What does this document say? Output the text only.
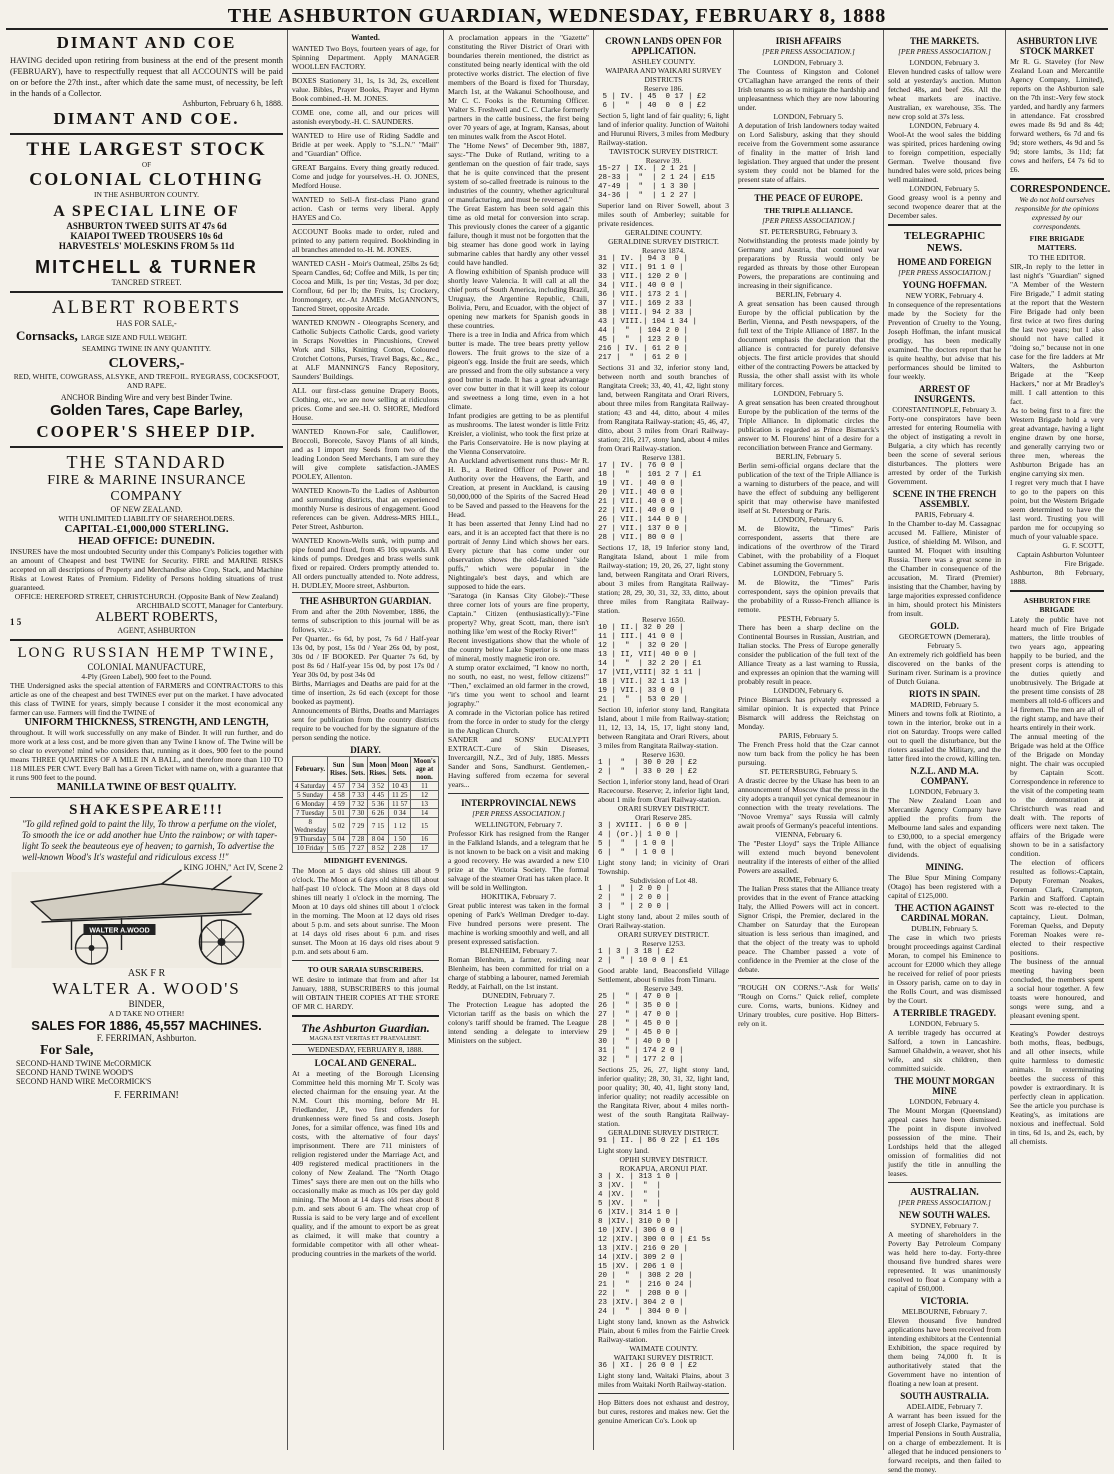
THE ASHBURTON GUARDIAN, WEDNESDAY, FEBRUARY 8, 1888
DIMANT AND COE
HAVING decided upon retiring from business at the end of the present month (FEBRUARY), have to respectfully request that all ACCOUNTS will be paid on or before the 27th inst., after which date the same must, of necessity, be left in the hands of a Collector.
Ashburton, February 6 h, 1888.
DIMANT AND COE.
THE LARGEST STOCK
OF
COLONIAL CLOTHING
IN THE ASHBURTON COUNTY.
A SPECIAL LINE OF
ASHBURTON TWEED SUITS AT 47s 6d
KAIAPOI TWEED TROUSERS 10s 6d
HARVESTELS' MOLESKINS FROM 5s 11d
MITCHELL & TURNER
TANCRED STREET.
ALBERT ROBERTS
HAS FOR SALE,-
Cornsacks, LARGE SIZE AND FULL WEIGHT.
SEAMING TWINE IN ANY QUANTITY.
CLOVERS,-
RED, WHITE, COWGRASS, ALSYKE, AND TREFOIL. RYEGRASS, COCKSFOOT, AND RAPE.
ANCHOR Binding Wire and very best Binder Twine.
Golden Tares, Cape Barley,
COOPER'S SHEEP DIP.
THE STANDARD
FIRE & MARINE INSURANCE COMPANY
OF NEW ZEALAND.
WITH UNLIMITED LIABILITY OF SHAREHOLDERS.
CAPITAL-£1,000,000 STERLING.
HEAD OFFICE: DUNEDIN.
INSURES have the most undoubted Security under this Company's Policies together with an amount of Cheapest and best TWINE for Security. FIRE and MARINE RISKS accepted on all descriptions of Property and Merchandise also Crop, Stack, and Machine Risks at Lowest Rates of Premium. Fidelity of Persons holding situations of trust guaranteed.
OFFICE: HEREFORD STREET, CHRISTCHURCH. (Opposite Bank of New Zealand)
ARCHIBALD SCOTT, Manager for Canterbury.
1 5	ALBERT ROBERTS,
AGENT, ASHBURTON
LONG RUSSIAN HEMP TWINE,
COLONIAL MANUFACTURE,
4-Ply (Green Label), 900 feet to the Pound.
THE Undersigned asks the special attention of FARMERS and CONTRACTORS to this article as one of the cheapest and best TWINES ever put on the market. I have advocated this class of TWINE for years, simply because I consider it the most economical any farmer can use. Farmers will find the TWINE of
UNIFORM THICKNESS, STRENGTH, AND LENGTH,
throughout. It will work successfully on any make of Binder. It will run further, and do more work at a less cost, and be more given than any Twine I know of. The Twine will be so clear to everyone! mind who considers that, running as it does, 900 feet to the pound means THREE QUARTERS OF A MILE IN A BALL, and therefore more than 110 TO 118 MILES PER CWT. Every Ball has a Green Ticket with name on, with a guarantee that it runs 900 feet to the pound.
MANILLA TWINE OF BEST QUALITY.
SHAKESPEARE!!!
"To gild refined gold to paint the lily, To throw a perfume on the violet, To smooth the ice or add another hue Unto the rainbow; or with taper-light To seek the beauteous eye of heaven; to garnish, To advertise the well-known Wood's It's wasteful and ridiculous excess !!"
KING JOHN," Act IV, Scene 2
WALTER A.WOOD
ASK F R
WALTER A. WOOD'S
BINDER,
A D TAKE NO OTHER!
SALES FOR 1886, 45,557 MACHINES.
F. FERRIMAN, Ashburton.
For Sale,
SECOND-HAND TWINE McCORMICK
SECOND HAND TWINE WOOD'S
SECOND HAND WIRE McCORMICK'S
F. FERRIMAN!
Wanted.
WANTED Two Boys, fourteen years of age, for Spinning Department. Apply MANAGER WOOLLEN FACTORY.
BOXES Stationery 31, 1s, 1s 3d, 2s, excellent value. Bibles, Prayer Books, Prayer and Hymn Book combined.-H. M. JONES.
COME one, come all, and our prices will astonish everybody.-H. C. SAUNDERS.
WANTED to Hire use of Riding Saddle and Bridle at per week. Apply to "S.L.N." "Mail" and "Guardian" Office.
GREAT Bargains. Every thing greatly reduced. Come and judge for yourselves.-H. O. JONES, Medford House.
WANTED to Sell-A first-class Piano grand action. Cash or terms very liberal. Apply HAYES and Co.
ACCOUNT Books made to order, ruled and printed to any pattern required. Bookbinding in all branches attended to.-H. M. JONES.
WANTED CASH - Moir's Oatmeal, 25lbs 2s 6d; Spearn Candles, 6d; Coffee and Milk, 1s per tin; Cocoa and Milk, 1s per tin; Vestas, 3d per doz; Cornflour, 6d per lb; the Fruits, 1s; Crockery, Ironmongery, etc.-At JAMES McGANNON'S, Tancred Street, opposite Arcade.
WANTED KNOWN - Oleographs Scenery, and Catholic Subjects Catholic Cards, good variety in Scraps Novelties in Pincushions, Crewel Work and Silks, Knitting Cotton, Coloured Crotchet Cottons, Purses, Travel Bags, &c., &c., at ALF MANNING'S Fancy Repository, Saunders' Buildings.
ALL our first-class genuine Drapery Boots, Clothing, etc., we are now selling at ridiculous prices. Come and see.-H. O. SHORE, Medford House.
WANTED Known-For sale, Cauliflower, Broccoli, Borecole, Savoy Plants of all kinds, and as I import my Seeds from two of the leading London Seed Merchants, I am sure they will give complete satisfaction.-JAMES POOLEY, Allenton.
WANTED Known-To the Ladies of Ashburton and surrounding districts, that an experienced monthly Nurse is desirous of engagement. Good references can be given. Address-MRS HILL, Peter Street, Ashburton.
WANTED Known-Wells sunk, with pump and pipe found and fixed, from 45 10s upwards. All kinds of pumps. Dredges and brass wells sunk fixed or repaired. Orders promptly attended to. All orders punctually attended to. Note address, H. DUDLEY, Moore street, Ashburton.
THE ASHBURTON GUARDIAN.
From and after the 20th November, 1886, the terms of subscription to this journal will be as follows, viz.:-
Per Quarter.. 6s 6d, by post, 7s 6d / Half-year 13s 0d, by post, 15s 0d / Year 26s 0d, by post, 30s 0d / IF BOOKED. Per Quarter 7s 6d, by post 8s 6d / Half-year 15s 0d, by post 17s 0d / Year 30s 0d, by post 34s 0d
Births, Marriages and Deaths are paid for at the time of insertion, 2s 6d each (except for those booked as payment).
Announcements of Births, Deaths and Marriages sent for publication from the country districts require to be vouched for by the signature of the person sending the notice.
DIARY.
February.	Sun Rises.	Sun Sets.	Moon Rises.	Moon Sets.	Moon's age at noon.
4 Saturday	4 57	7 34	3 52	10 43	11
5 Sunday	4 58	7 33	4 45	11 25	12
6 Monday	4 59	7 32	5 36	11 57	13
7 Tuesday	5 01	7 30	6 26	0 34	14
8 Wednesday	5 02	7 29	7 15	1 12	15
9 Thursday	5 04	7 28	8 04	1 50	16
10 Friday	5 05	7 27	8 52	2 28	17
MIDNIGHT EVENINGS.
The Moon at 5 days old shines till about 9 o'clock. The Moon at 6 days old shines till about half-past 10 o'clock. The Moon at 8 days old shines till nearly 1 o'clock in the morning. The Moon at 10 days old shines till about 1 o'clock in the morning. The Moon at 12 days old rises about 5 p.m. and sets about sunrise. The Moon at 14 days old rises about 6 p.m. and rises sunset. The Moon at 16 days old rises about 9 p.m. and sets about 6 am.
TO OUR SARAIA SUBSCRIBERS.
WE desire to intimate that from and after 1st January, 1888, SUBSCRIBERS to this journal will OBTAIN THEIR COPIES AT THE STORE OF MR C. HARDY.
The Ashburton Guardian.
MAGNA EST VERITAS ET PRAEVALEBIT.
WEDNESDAY, FEBRUARY 8, 1888.
LOCAL AND GENERAL.
At a meeting of the Borough Licensing Committee held this morning Mr T. Scoly was elected chairman for the ensuing year. At the N.M. Court this morning, before Mr H. Friedlander, J.P., two first offenders for drunkenness were fined 5s and costs. Joseph Jones, for a similar offence, was fined 10s and costs, with the alternative of four days' imprisonment. There are 711 ministers of religion registered under the Marriage Act, and 409 registered medical practitioners in the colony of New Zealand. The "North Otago Times" says there are men out on the hills who occasionally make as much as 10s per day gold mining. The Moon at 14 days old rises about 8 p.m. and sets about 6 am. The wheat crop of Russia is said to be very large and of excellent quality, and if the amount to export be as great as claimed, it will make that country a formidable competitor with all other wheat-producing countries in the markets of the world.
A proclamation appears in the "Gazette" constituting the River District of Orari with boundaries therein mentioned, the district as constituted being nearly identical with the old protective works district. The election of five members of the Board is fixed for Thursday, March 1st, at the Wakanui Schoolhouse, and Mr C. C. Fooks is the Returning Officer. Walter S. Freshwell and C. C. Clarke formerly partners in the cattle business, the first being over 70 years of age, at Ingram, Kansas, about ten minutes walk from the Ascot Hotel.
The "Home News" of December 9th, 1887, says:-"The Duke of Rutland, writing to a gentleman on the question of fair trade, says that he is quite convinced that the present system of so-called freetrade is ruinous to the industries of the country, whether agricultural or manufacturing, and must be reversed."
The Great Eastern has been sold again this time as old metal for conversion into scrap. This previously clones the career of a gigantic failure, though it must not be forgotten that the big steamer has done good work in laying submarine cables that hardly any other vessel could have handled.
A flowing exhibition of Spanish produce will shortly leave Valencia. It will call at all the chief ports of South America, including Brazil, Uruguay, the Argentine Republic, Chili, Bolivia, Peru, and Ecuador, with the object of opening new markets for Spanish goods in these countries.
There is a tree in India and Africa from which butter is made. The tree bears pretty yellow flowers. The fruit grows to the size of a pigeon's egg. Inside the fruit are seeds, which are pressed and from the oily substance a very good butter is made. It has a great advantage over cow butter in that it will keep its colour and sweetness a long time, even in a hot climate.
Infant prodigies are getting to be as plentiful as mushrooms. The latest wonder is little Fritz Kreisler, a violinist, who took the first prize at the Paris Conservatoire. He is now playing at the Vienna Conservatoire.
An Auckland advertisement runs thus:- Mr R. H. B., a Retired Officer of Power and Authority over the Heavens, the Earth, and Creation, at present in Auckland, is causing 50,000,000 of the Spirits of the Sacred Head to be Saved and passed to the Heavens for the Head.
It has been asserted that Jenny Lind had no ears, and it is an accepted fact that there is no portrait of Jenny Lind which shows her ears. Every picture that has come under our observation shows the old-fashioned "side puffs," which were popular in the Nightingale's best days, and which are supposed to hide the ears.
"Saratoga (in Kansas City Globe):-"These three corner lots of yours are fine property, Captain." Citizen (enthusiastically):-"Fine property? Why, great Scott, man, there isn't nothing like 'em west of the Rocky River!"
Recent investigations show that the whole of the country below Lake Superior is one mass of mineral, mostly magnetic iron ore.
A stump orator exclaimed, "I know no north, no south, no east, no west, fellow citizens!" "Then," exclaimed an old farmer in the crowd, "it's time you went to school and learnt jography."
A comrade in the Victorian police has retired from the force in order to study for the clergy in the Anglican Church.
SANDER and SONS' EUCALYPTI EXTRACT.-Cure of Skin Diseases, Invercargill, N.Z., 3rd of July, 1885. Messrs Sander and Sons, Sandhurst. Gentlemen,-Having suffered from eczema for several years...
INTERPROVINCIAL NEWS
[PER PRESS ASSOCIATION.]
WELLINGTON, February 7.
Professor Kirk has resigned from the Ranger in the Falkland Islands, and a telegram that he is not known to be back on a visit and making a good recovery. He was awarded a new £10 prize at the Victoria Society. The formal salvage of the steamer Orati has taken place. It will be sold in Wellington.
HOKITIKA, February 7.
Great public interest was taken in the formal opening of Park's Wellman Dredger to-day. Five hundred persons were present. The machine is working smoothly and well, and all present expressed satisfaction.
BLENHEIM, February 7.
Roman Blenheim, a farmer, residing near Blenheim, has been committed for trial on a charge of stabbing a labourer, named Jeremiah Reddy, at Fairhall, on the 1st instant.
DUNEDIN, February 7.
The Protection League has adopted the Victorian tariff as the basis on which the colony's tariff should be framed. The League intend sending a delegate to interview Ministers on the subject.
CROWN LANDS OPEN FOR APPLICATION.
ASHLEY COUNTY.
WAIPARA AND WAIKARI SURVEY DISTRICTS
Reserve 186.
5 | IV. | 45  0 17 | £2
6 |  "  | 40  0  0 | £2
Section 5, light land of fair quality; 6, light land of inferior quality. Junction of Waitohi and Hurunui Rivers, 3 miles from Medbury Railway-station.
TAVISTOCK SURVEY DISTRICT.
Reserve 39.
15-27 | IX. | 2 1 21 |
28-33 |  "  | 2 1 24 | £15
47-49 |  "  | 1 3 30 |
34-36 |  "  | 1 2 27 |
Superior land on River Sowell, about 3 miles south of Amberley; suitable for private residences.
GERALDINE COUNTY.
GERALDINE SURVEY DISTRICT.
Reserve 1874.
31 | IV. | 94 3  0 |
32 | VII.| 91 1 0 |
33 | VII.| 120 2 0 |
34 | VII.| 40 0 0 |
36 | VII.| 173 2 1 |
37 | VII.| 169 2 33 |
38 | VIII.| 94 2 33 |
43 | VIII.| 104 1 34 |
44 |  "  | 104 2 0 |
45 |  "  | 123 2 0 |
216 | IV. | 61 2 0 |
217 |  "  | 61 2 0 |
Sections 31 and 32, inferior stony land, between north and south branches of Rangitata Creek; 33, 40, 41, 42, light stony land, between Rangitata and Orari Rivers, about three miles from Rangitata Railway-station; 43 and 44, ditto, about 4 miles from Rangitata Railway-station; 45, 46, 47, ditto, about 3 miles from Orari Railway-station; 216, 217, stony land, about 4 miles from Orari Railway-station.
Reserve 1381.
17 | IV. | 76 0 0 |
18 |  "  | 101 2 7 | £1
19 | VI. | 40 0 0 |
20 | VII.| 40 0 0 |
21 | VII.| 40 0 0 |
22 | VII.| 40 0 0 |
26 | VII.| 144 0 0 |
27 | VII.| 137 0 0 |
28 | VII.| 80 0 0 |
Sections 17, 18, 19 Inferior stony land, Rangitata Island, about 1 mile from Railway-station; 19, 20, 26, 27, light stony land, between Rangitata and Orari Rivers, about 3 miles from Rangitata Railway-station; 28, 29, 30, 31, 32, 33, ditto, about three miles from Rangitata Railway-station.
Reserve 1650.
10 | II.| 32 0 20 |
11 | III.| 41 0 0 |
12 |  "  | 32 0 20 |
13 | II, VII| 40 0 0 |
14 |  "  | 32 2 20 | £1
17 |VII,VIII| 32 1 11 |
18 | VII.| 32 1 13 |
19 | VII.| 33 0 0 |
21 |  "  | 53 0 20 |
Section 10, inferior stony land, Rangitata Island, about 1 mile from Railway-station; 11, 12, 13, 14, 15, 17, light stony land, between Rangitata and Orari Rivers, about 3 miles from Rangitata Railway-station.
Reserve 1630.
1 |  "  | 30 0 20 | £2
2 |  "  | 33 0 20 | £2
Section 1, inferior stony land, head of Orari Racecourse. Reserve; 2, inferior light land, about 1 mile from Orari Railway-station.
ORARI SURVEY DISTRICT.
Orari Reserve 285.
3 | XVIII. | 6 0 0 |
4 | (or.)| 1 0 0 |
5 |  "  | 1 0 0 |
6 |  "  | 1 0 0 |
Light stony land; in vicinity of Orari Township.
Subdivision of Lot 48.
1 |  " | 2 0 0 |
2 |  " | 2 0 0 |
3 |  " | 2 0 0 |
Light stony land, about 2 miles south of Orari Railway-station.
ORARI SURVEY DISTRICT.
Reserve 1253.
1 | 3 | 3 18 | £2
2 |  " | 10 0 0 | £1
Good arable land, Beaconsfield Village Settlement, about 6 miles from Timaru.
Reserve 349.
25 |  " | 47 0 0 |
26 |  " | 35 0 0 |
27 |  " | 47 0 0 |
28 |  " | 45 0 0 |
29 |  " | 45 0 0 |
30 |  " | 40 0 0 |
31 |  " | 174 2 0 |
32 |  " | 177 2 0 |
Sections 25, 26, 27, light stony land, inferior quality; 28, 30, 31, 32, light land, poor quality; 30, 40, 41, light stony land, inferior quality; not readily accessible on the Rangitata River, about 4 miles north-west of the south Rangitata Railway-station.
GERALDINE SURVEY DISTRICT.
91 | II. | 86 0 22 | £1 10s
Light stony land.
OPIHI SURVEY DISTRICT.
ROKAPUA, ARONUI PIAT.
3 | X. | 313 1 0 |
3 |XV. |  "  |
4 |XV. |  "  |
5 |XV. |  "  |
6 |XIV.| 314 1 0 |
8 |XIV.| 310 0 0 |
10 |XIV.| 306 0 0 |
12 |XIV.| 300 0 0 | £1 5s
13 |XIV.| 216 0 20 |
14 |XIV.| 309 2 0 |
15 |XV. | 206 1 0 |
20 |  "  | 308 2 20 |
21 |  "  | 216 0 24 |
22 |  "  | 208 0 0 |
23 |XIV.| 304 2 0 |
24 |  "  | 304 0 0 |
Light stony land, known as the Ashwick Plain, about 6 miles from the Fairlie Creek Railway-station.
WAIMATE COUNTY.
WAITAKI SURVEY DISTRICT.
36 | XI. | 26 0 0 | £2
Light stony land, Waitaki Plains, about 3 miles from Waitaki North Railway-station.
Hop Bitters does not exhaust and destroy, but cures, restores and makes new. Get the genuine American Co's. Look up
IRISH AFFAIRS
[PER PRESS ASSOCIATION.]
LONDON, February 3.
The Countess of Kingston and Colonel O'Callaghan have arranged the rents of their Irish tenants so as to mitigate the hardship and unpleasantness which they are now labouring under.
LONDON, February 5.
A deputation of Irish landowners today waited on Lord Salisbury, asking that they should receive from the Government some assurance of finality in the matter of Irish land legislation. They argued that under the present system they could not be blamed for the present state of affairs.
THE PEACE OF EUROPE.
THE TRIPLE ALLIANCE.
[PER PRESS ASSOCIATION.]
ST. PETERSBURG, February 3.
Notwithstanding the protests made jointly by Germany and Austria, that continued war preparations by Russia would only be regarded as threats by those other European Powers, the preparations are continuing and increasing in their significance.
BERLIN, February 4.
A great sensation has been caused through Europe by the official publication by the Berlin, Vienna, and Pesth newspapers, of the full text of the Triple Alliance of 1887. In the document emphasis the declaration that the alliance is contracted for purely defensive objects. The first article provides that should either of the contracting Powers be attacked by Russia, the other shall assist with its whole military forces.
LONDON, February 5.
A great sensation has been created throughout Europe by the publication of the terms of the Triple Alliance. In diplomatic circles the publication is regarded as Prince Bismarck's answer to M. Flourens' hint of a desire for a reconciliation between France and Germany.
BERLIN, February 5.
Berlin semi-official organs declare that the publication of the text of the Triple Alliance is a warning to disturbers of the peace, and will have the effect of subduing any belligerent spirit that may otherwise have manifested itself at St. Petersburg or Paris.
LONDON, February 6.
M. de Blowitz, the "Times" Paris correspondent, asserts that there are indications of the overthrow of the Tirard Cabinet, with the probability of a Floquet Cabinet assuming the Government.
LONDON, February 5.
M. de Blowitz, the "Times" Paris correspondent, says the opinion prevails that the probability of a Russo-French alliance is remote.
PESTH, February 5.
There has been a sharp decline on the Continental Bourses in Russian, Austrian, and Italian stocks. The Press of Europe generally consider the publication of the full text of the Alliance Treaty as a last warning to Russia, and expresses an opinion that the warning will probably result in peace.
LONDON, February 6.
Prince Bismarck has privately expressed a similar opinion. It is expected that Prince Bismarck will address the Reichstag on Monday.
PARIS, February 5.
The French Press hold that the Czar cannot now turn back from the policy he has been pursuing.
ST. PETERSBURG, February 5.
A drastic decree by the Ukase has been to an announcement of Moscow that the press in the city adopts a tranquil yet cynical demeanour in connection with the treaty revelations. The "Novoe Vremya" says Russia will calmly await proofs of Germany's peaceful intentions.
VIENNA, February 6.
The "Pester Lloyd" says the Triple Alliance will extend much beyond benevolent neutrality if the interests of either of the allied Powers are assailed.
ROME, February 6.
The Italian Press states that the Alliance treaty provides that in the event of France attacking Italy, the Allied Powers will act in concert. Signor Crispi, the Premier, declared in the Chamber on Saturday that the European situation is less serious than imagined, and that the object of the treaty was to uphold peace. The Chamber passed a vote of confidence in the Premier at the close of the debate.
"ROUGH ON CORNS."-Ask for Wells' "Rough on Corns." Quick relief, complete cure. Corns, warts, bunions. Kidney and Urinary troubles, cure positive. Hop Bitters-rely on it.
THE MARKETS.
[PER PRESS ASSOCIATION.]
LONDON, February 3.
Eleven hundred casks of tallow were sold at yesterday's auction. Mutton fetched 48s, and beef 26s. All the wheat markets are inactive. Australian, ex warehouse, 35s. The new crop sold at 37s less.
LONDON, February 4.
Wool-At the wool sales the bidding was spirited, prices hardening owing to foreign competition, especially German. Twelve thousand five hundred bales were sold, prices being well maintained.
LONDON, February 5.
Good greasy wool is a penny and second twopence dearer that at the December sales.
TELEGRAPHIC NEWS.
HOME AND FOREIGN
[PER PRESS ASSOCIATION.]
YOUNG HOFFMAN.
NEW YORK, February 4.
In consequence of the representations made by the Society for the Prevention of Cruelty to the Young, Joseph Hoffman, the infant musical prodigy, has been medically examined. The doctors report that he is quite healthy, but advise that his performances should be limited to four weekly.
ARREST OF INSURGENTS.
CONSTANTINOPLE, February 3.
Forty-one conspirators have been arrested for entering Roumelia with the object of instigating a revolt in Bulgaria, a city which has recently been the scene of several serious disturbances. The plotters were arrested by order of the Turkish Government.
SCENE IN THE FRENCH ASSEMBLY.
PARIS, February 4.
In the Chamber to-day M. Cassagnac accused M. Falliere, Minister of Justice, of shielding M. Wilson, and taunted M. Floquet with insulting Russia. There was a great scene in the Chamber in consequence of the accusation, M. Tirard (Premier) insisting that the Chamber, having by large majorities expressed confidence in him, should protect his Ministers from insult.
GOLD.
GEORGETOWN (Demerara), February 5.
An extremely rich goldfield has been discovered on the banks of the Surinam river. Surinam is a province of Dutch Guiana.
RIOTS IN SPAIN.
MADRID, February 5.
Miners and towns folk at Riotinto, a town in the interior, broke out in a riot on Saturday. Troops were called out to quell the disturbance, but the rioters assailed the Military, and the latter fired into the crowd, killing ten.
N.Z.L. AND M.A. COMPANY.
LONDON, February 3.
The New Zealand Loan and Mercantile Agency Company have applied the profits from the Melbourne land sales and expanding to £30,000, to a special emergency fund, with the object of equalising dividends.
MINING.
The Blue Spur Mining Company (Otago) has been registered with a capital of £125,000.
THE ACTION AGAINST CARDINAL MORAN.
DUBLIN, February 5.
The case in which two priests brought proceedings against Cardinal Moran, to compel his Eminence to account for £2000 which they allege he received for relief of poor priests in Ossory parish, came on to day in the Rolls Court, and was dismissed by the Court.
A TERRIBLE TRAGEDY.
LONDON, February 5.
A terrible tragedy has occurred at Salford, a town in Lancashire. Samuel Ghaldwin, a weaver, shot his wife, and six children, then committed suicide.
THE MOUNT MORGAN MINE
LONDON, February 4.
The Mount Morgan (Queensland) appeal cases have been dismissed. The point in dispute involved possession of the mine. Their Lordships held that the alleged omission of formalities did not justify the title in annulling the leases.
AUSTRALIAN.
[PER PRESS ASSOCIATION.]
NEW SOUTH WALES.
SYDNEY, February 7.
A meeting of shareholders in the Poverty Bay Petroleum Company was held here to-day. Forty-three thousand five hundred shares were represented. It was unanimously resolved to float a Company with a capital of £60,000.
VICTORIA.
MELBOURNE, February 7.
Eleven thousand five hundred applications have been received from intending exhibitors at the Centennial Exhibition, the space required by them being 74,000 ft. It is authoritatively stated that the Government have no intention of floating a new loan at present.
SOUTH AUSTRALIA.
ADELAIDE, February 7.
A warrant has been issued for the arrest of Joseph Clarke, Paymaster of Imperial Pensions in South Australia, on a charge of embezzlement. It is alleged that he induced pensioners to forward receipts, and then failed to send the money.
ASHBURTON LIVE STOCK MARKET
Mr R. G. Staveley (for New Zealand Loan and Mercantile Agency Company, Limited), reports on the Ashburton sale on the 7th inst:-Very few stock yarded, and hardly any farmers in attendance. Fat crossbred ewes made 8s 9d and 8s 4d; forward wethers, 6s 7d and 6s 9d; store wethers, 4s 9d and 5s 9d; store lambs, 3s 11d; fat cows and heifers, £4 7s 6d to £6.
CORRESPONDENCE.
We do not hold ourselves responsible for the opinions expressed by our correspondents.
FIRE BRIGADE MATTERS.
TO THE EDITOR.
SIR,-In reply to the letter in last night's "Guardian" signed "A Member of the Western Fire Brigade," I admit stating at the report that the Western Fire Brigade had only been first twice at two fires during the last two years; but I also should not have called it "doing so," because not in one case for the fire ladders at Mr Walters, the Ashburton Brigade at the "Keep Hackers," nor at Mr Bradley's mill. I call attention to this fact.
As to being first to a fire: the Western Brigade hold a very great advantage, having a light engine drawn by one horse, and generally carrying two or three men, whereas the Ashburton Brigade has an engine carrying six men.
I regret very much that I have to go to the papers on this point, but the Western Brigade seem determined to have the last word. Trusting you will pardon me for occupying so much of your valuable space.
G. F. SCOTT,
Captain Ashburton Volunteer Fire Brigade.
Ashburton, 8th February, 1888.
ASHBURTON FIRE BRIGADE
Lately the public have not heard much of Fire Brigade matters, the little troubles of two years ago, appearing happily to be buried, and the present corps is attending to the duties quietly and unobtrusively. The Brigade at the present time consists of 28 members all told-6 officers and 14 firemen. The men are all of the right stamp, and have their hearts entirely in their work.
The annual meeting of the Brigade was held at the Office of the Brigade on Monday night. The chair was occupied by Captain Scott. Correspondence in reference to the visit of the competing team to the demonstration at Christchurch was read and dealt with. The reports of officers were next taken. The affairs of the Brigade were shown to be in a satisfactory condition.
The election of officers resulted as follows:-Captain, Deputy Foreman Noakes, Foreman Clark, Crampton, Parkin and Stafford. Captain Scott was re-elected to the captaincy, Lieut. Dolman, Foreman Quelss, and Deputy Foreman Noakes were re-elected to their respective positions.
The business of the annual meeting having been concluded, the members spent a social hour together. A few toasts were honoured, and songs were sung, and a pleasant evening spent.
Keating's Powder destroys both moths, fleas, bedbugs, and all other insects, while quite harmless to domestic animals. In exterminating beetles the success of this powder is extraordinary. It is perfectly clean in application. See the article you purchase is Keating's, as imitations are noxious and ineffectual. Sold in tins, 6d 1s, and 2s, each, by all chemists.
